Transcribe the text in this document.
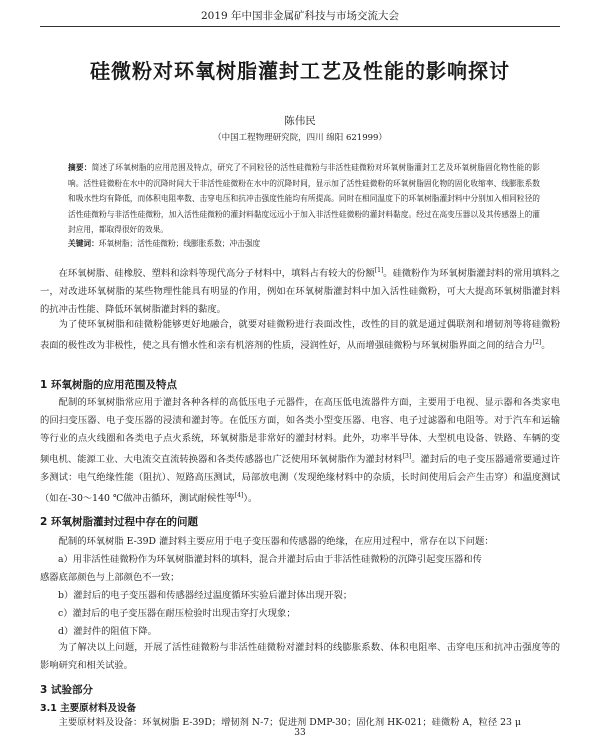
2019 年中国非金属矿科技与市场交流大会
硅微粉对环氧树脂灌封工艺及性能的影响探讨
陈伟民
（中国工程物理研究院，四川 绵阳 621999）
摘要：简述了环氧树脂的应用范围及特点，研究了不同粒径的活性硅微粉与非活性硅微粉对环氧树脂灌封工艺及环氧树脂固化物性能的影响。活性硅微粉在水中的沉降时间大于非活性硅微粉在水中的沉降时间，显示加了活性硅微粉的环氧树脂固化物的固化收缩率、线膨胀系数和吸水性均有降低，而体积电阻率数、击穿电压和抗冲击强度性能均有所提高。同时在相同温度下的环氧树脂灌封料中分别加入相同粒径的活性硅微粉与非活性硅微粉，加入活性硅微粉的灌封料黏度远远小于加入非活性硅微粉的灌封料黏度。经过在高变压器以及其传感器上的灌封应用，都取得很好的效果。
关键词：环氧树脂；活性硅微粉；线膨胀系数；冲击强度
在环氧树脂、硅橡胶、塑料和涂料等现代高分子材料中，填料占有较大的份额[1]。硅微粉作为环氧树脂灌封料的常用填料之一，对改进环氧树脂的某些物理性能具有明显的作用，例如在环氧树脂灌封料中加入活性硅微粉，可大大提高环氧树脂灌封料的抗冲击性能、降低环氧树脂灌封料的黏度。
为了使环氧树脂和硅微粉能够更好地融合，就要对硅微粉进行表面改性，改性的目的就是通过偶联剂和增韧剂等将硅微粉表面的极性改为非极性，使之具有憎水性和亲有机溶剂的性质，浸润性好，从而增强硅微粉与环氧树脂界面之间的结合力[2]。
1 环氧树脂的应用范围及特点
配制的环氧树脂常应用于灌封各种各样的高低压电子元器件，在高压低电流器件方面，主要用于电视、显示器和各类家电的回扫变压器、电子变压器的浸渍和灌封等。在低压方面，如各类小型变压器、电容、电子过滤器和电阻等。对于汽车和运输等行业的点火线圈和各类电子点火系统，环氧树脂是非常好的灌封材料。此外，功率半导体、大型机电设备、铁路、车辆的变频电机、能源工业、大电流交直流转换器和各类传感器也广泛使用环氧树脂作为灌封材料[3]。灌封后的电子变压器通常要通过许多测试：电气绝缘性能（阻抗）、短路高压测试，局部放电测（发现绝缘材料中的杂质，长时间使用后会产生击穿）和温度测试（如在-30～140 ℃做冲击循环，测试耐候性等[4]）。
2 环氧树脂灌封过程中存在的问题
配制的环氧树脂 E-39D 灌封料主要应用于电子变压器和传感器的绝缘，在应用过程中，常存在以下问题：
a）用非活性硅微粉作为环氧树脂灌封料的填料，混合并灌封后由于非活性硅微粉的沉降引起变压器和传
感器底部颜色与上部颜色不一致；
b）灌封后的电子变压器和传感器经过温度循环实验后灌封体出现开裂；
c）灌封后的电子变压器在耐压检验时出现击穿打火现象；
d）灌封件的阻值下降。
为了解决以上问题，开展了活性硅微粉与非活性硅微粉对灌封料的线膨胀系数、体积电阻率、击穿电压和抗冲击强度等的影响研究和相关试验。
3 试验部分
3.1 主要原材料及设备
主要原材料及设备：环氧树脂 E-39D；增韧剂 N-7；促进剂 DMP-30；固化剂 HK-021；硅微粉 A，粒径 23 μ
33
